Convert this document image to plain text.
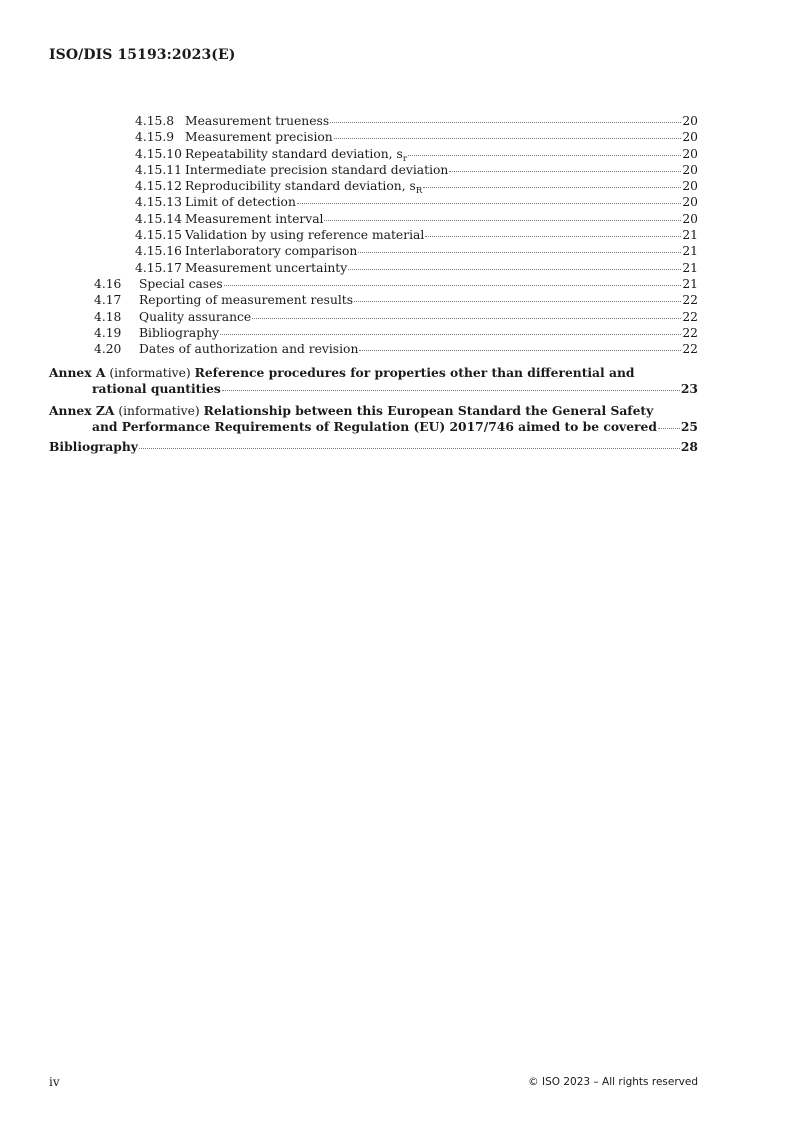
ISO/DIS 15193:2023(E)
4.15.8 Measurement trueness	20
4.15.9 Measurement precision	20
4.15.10 Repeatability standard deviation, $s_r$	20
4.15.11 Intermediate precision standard deviation	20
4.15.12 Reproducibility standard deviation, $s_R$	20
4.15.13 Limit of detection	20
4.15.14 Measurement interval	20
4.15.15 Validation by using reference material	21
4.15.16 Interlaboratory comparison	21
4.15.17 Measurement uncertainty	21
4.16	Special cases	21
4.17	Reporting of measurement results	22
4.18	Quality assurance	22
4.19	Bibliography	22
4.20	Dates of authorization and revision	22
Annex A (informative) Reference procedures for properties other than differential and
rational quantities	23
Annex ZA (informative) Relationship between this European Standard the General Safety
and Performance Requirements of Regulation (EU) 2017/746 aimed to be covered 25
Bibliography	28
iv	© ISO 2023 – All rights reserved
